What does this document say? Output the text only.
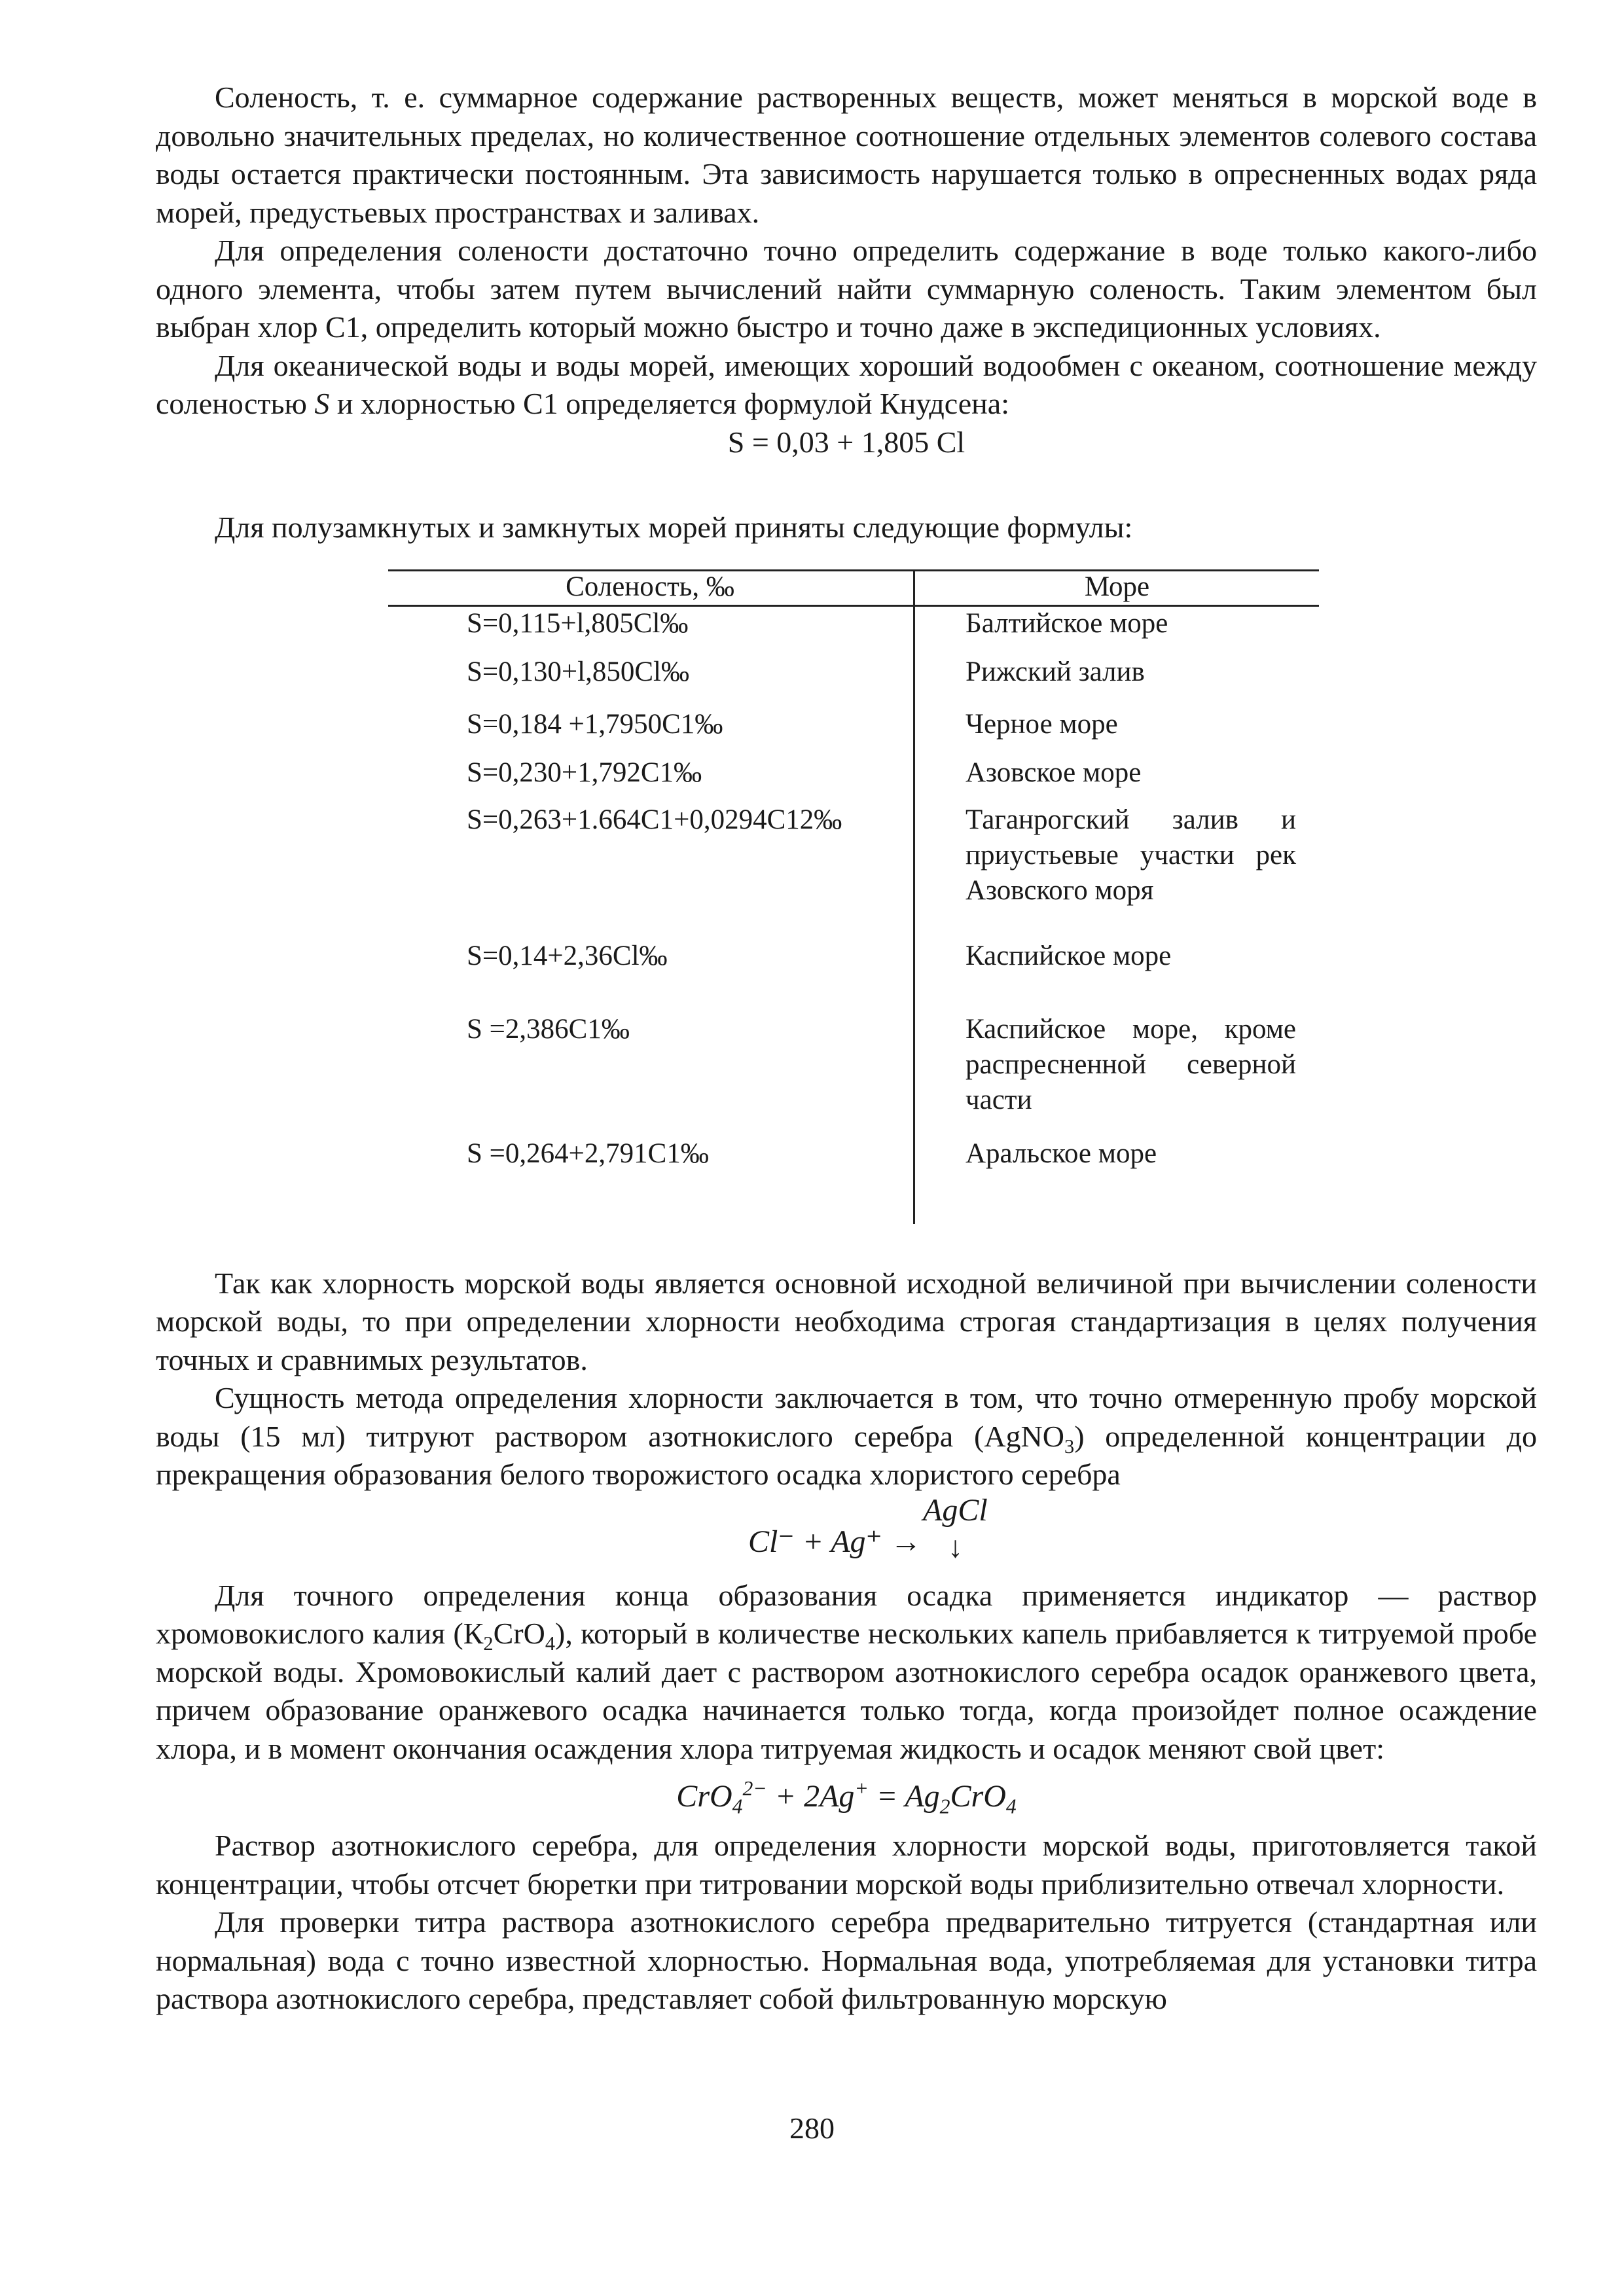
Соленость, т. е. суммарное содержание растворенных веществ, может меняться в морской воде в довольно значительных пределах, но количественное соотношение отдельных элементов солевого состава воды остается практически постоянным. Эта зависимость нарушается только в опресненных водах ряда морей, предустьевых пространствах и заливах.

Для определения солености достаточно точно определить содержание в воде только какого-либо одного элемента, чтобы затем путем вычислений найти суммарную соленость. Таким элементом был выбран хлор С1, определить который можно быстро и точно даже в экспедиционных условиях.

Для океанической воды и воды морей, имеющих хороший водообмен с океаном, соотношение между соленостью S и хлорностью С1 определяется формулой Кнудсена:

S = 0,03 + 1,805 Cl

Для полузамкнутых и замкнутых морей приняты следующие формулы:

Соленость, ‰	Море
S=0,115+l,805Cl‰	Балтийское море
S=0,130+l,850Cl‰	Рижский залив
S=0,184 +1,7950C1‰	Черное море
S=0,230+1,792C1‰	Азовское море
S=0,263+1.664C1+0,0294C12‰	Таганрогский залив и приустьевые участки рек Азовского моря
S=0,14+2,36Cl‰	Каспийское море
S =2,386C1‰	Каспийское море, кроме распресненной северной части
S =0,264+2,791C1‰	Аральское море

Так как хлорность морской воды является основной исходной величиной при вычислении солености морской воды, то при определении хлорности необходима строгая стандартизация в целях получения точных и сравнимых результатов.

Сущность метода определения хлорности заключается в том, что точно отмеренную пробу морской воды (15 мл) титруют раствором азотнокислого серебра (AgNO$_3$) определенной концентрации до прекращения образования белого творожистого осадка хлористого серебра

Cl⁻ + Ag⁺ →
AgCl
↓

Для точного определения конца образования осадка применяется индикатор — раствор хромовокислого калия $(К_2CrO_4)$, который в количестве нескольких капель прибавляется к титруемой пробе морской воды. Хромовокислый калий дает с раствором азотнокислого серебра осадок оранжевого цвета, причем образование оранжевого осадка начинается только тогда, когда произойдет полное осаждение хлора, и в момент окончания осаждения хлора титруемая жидкость и осадок меняют свой цвет:

$CrO_4^{2-} + 2Ag^+ = Ag_2CrO_4$

Раствор азотнокислого серебра, для определения хлорности морской воды, приготовляется такой концентрации, чтобы отсчет бюретки при титровании морской воды приблизительно отвечал хлорности.

Для проверки титра раствора азотнокислого серебра предварительно титруется (стандартная или нормальная) вода с точно известной хлорностью. Нормальная вода, употребляемая для установки титра раствора азотнокислого серебра, представляет собой фильтрованную морскую

280
